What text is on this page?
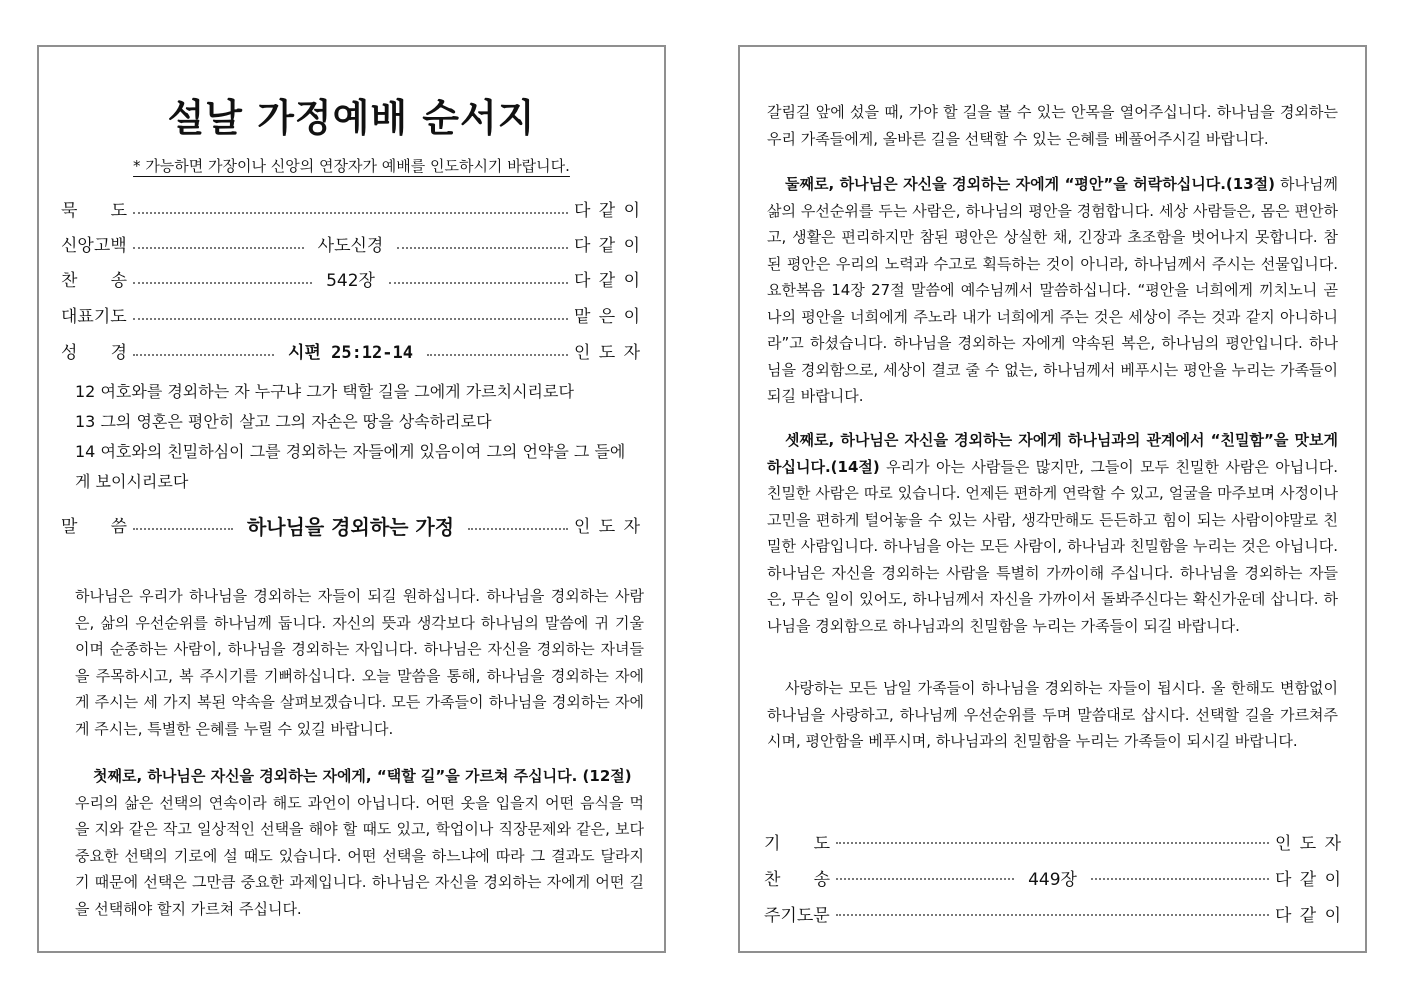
설날 가정예배 순서지
* 가능하면 가장이나 신앙의 연장자가 예배를 인도하시기 바랍니다.
묵 도	다 같 이
신앙고백	사도신경	다 같 이
찬 송	542장	다 같 이
대표기도	맡 은 이
성 경	시편 25:12-14	인 도 자

12 여호와를 경외하는 자 누구냐 그가 택할 길을 그에게 가르치시리로다

13 그의 영혼은 평안히 살고 그의 자손은 땅을 상속하리로다

14 여호와의 친밀하심이 그를 경외하는 자들에게 있음이여 그의 언약을 그 들에게 보이시리로다

말 씀	하나님을 경외하는 가정	인 도 자

하나님은 우리가 하나님을 경외하는 자들이 되길 원하십니다. 하나님을 경외하는 사람은, 삶의 우선순위를 하나님께 둡니다. 자신의 뜻과 생각보다 하나님의 말씀에 귀 기울이며 순종하는 사람이, 하나님을 경외하는 자입니다. 하나님은 자신을 경외하는 자녀들을 주목하시고, 복 주시기를 기뻐하십니다. 오늘 말씀을 통해, 하나님을 경외하는 자에게 주시는 세 가지 복된 약속을 살펴보겠습니다. 모든 가족들이 하나님을 경외하는 자에게 주시는, 특별한 은혜를 누릴 수 있길 바랍니다.

첫째로, 하나님은 자신을 경외하는 자에게, “택할 길”을 가르쳐 주십니다. (12절)

우리의 삶은 선택의 연속이라 해도 과언이 아닙니다. 어떤 옷을 입을지 어떤 음식을 먹을 지와 같은 작고 일상적인 선택을 해야 할 때도 있고, 학업이나 직장문제와 같은, 보다 중요한 선택의 기로에 설 때도 있습니다. 어떤 선택을 하느냐에 따라 그 결과도 달라지기 때문에 선택은 그만큼 중요한 과제입니다. 하나님은 자신을 경외하는 자에게 어떤 길을 선택해야 할지 가르쳐 주십니다.

갈림길 앞에 섰을 때, 가야 할 길을 볼 수 있는 안목을 열어주십니다. 하나님을 경외하는 우리 가족들에게, 올바른 길을 선택할 수 있는 은혜를 베풀어주시길 바랍니다.

둘째로, 하나님은 자신을 경외하는 자에게 “평안”을 허락하십니다.(13절) 하나님께 삶의 우선순위를 두는 사람은, 하나님의 평안을 경험합니다. 세상 사람들은, 몸은 편안하고, 생활은 편리하지만 참된 평안은 상실한 채, 긴장과 초조함을 벗어나지 못합니다. 참된 평안은 우리의 노력과 수고로 획득하는 것이 아니라, 하나님께서 주시는 선물입니다. 요한복음 14장 27절 말씀에 예수님께서 말씀하십니다. “평안을 너희에게 끼치노니 곧 나의 평안을 너희에게 주노라 내가 너희에게 주는 것은 세상이 주는 것과 같지 아니하니라”고 하셨습니다. 하나님을 경외하는 자에게 약속된 복은, 하나님의 평안입니다. 하나님을 경외함으로, 세상이 결코 줄 수 없는, 하나님께서 베푸시는 평안을 누리는 가족들이 되길 바랍니다.

셋째로, 하나님은 자신을 경외하는 자에게 하나님과의 관계에서 “친밀함”을 맛보게 하십니다.(14절) 우리가 아는 사람들은 많지만, 그들이 모두 친밀한 사람은 아닙니다. 친밀한 사람은 따로 있습니다. 언제든 편하게 연락할 수 있고, 얼굴을 마주보며 사정이나 고민을 편하게 털어놓을 수 있는 사람, 생각만해도 든든하고 힘이 되는 사람이야말로 친밀한 사람입니다. 하나님을 아는 모든 사람이, 하나님과 친밀함을 누리는 것은 아닙니다. 하나님은 자신을 경외하는 사람을 특별히 가까이해 주십니다. 하나님을 경외하는 자들은, 무슨 일이 있어도, 하나님께서 자신을 가까이서 돌봐주신다는 확신가운데 삽니다. 하나님을 경외함으로 하나님과의 친밀함을 누리는 가족들이 되길 바랍니다.

사랑하는 모든 남일 가족들이 하나님을 경외하는 자들이 됩시다. 올 한해도 변함없이 하나님을 사랑하고, 하나님께 우선순위를 두며 말씀대로 삽시다. 선택할 길을 가르쳐주시며, 평안함을 베푸시며, 하나님과의 친밀함을 누리는 가족들이 되시길 바랍니다.

기 도	인 도 자
찬 송	449장	다 같 이
주기도문	다 같 이
